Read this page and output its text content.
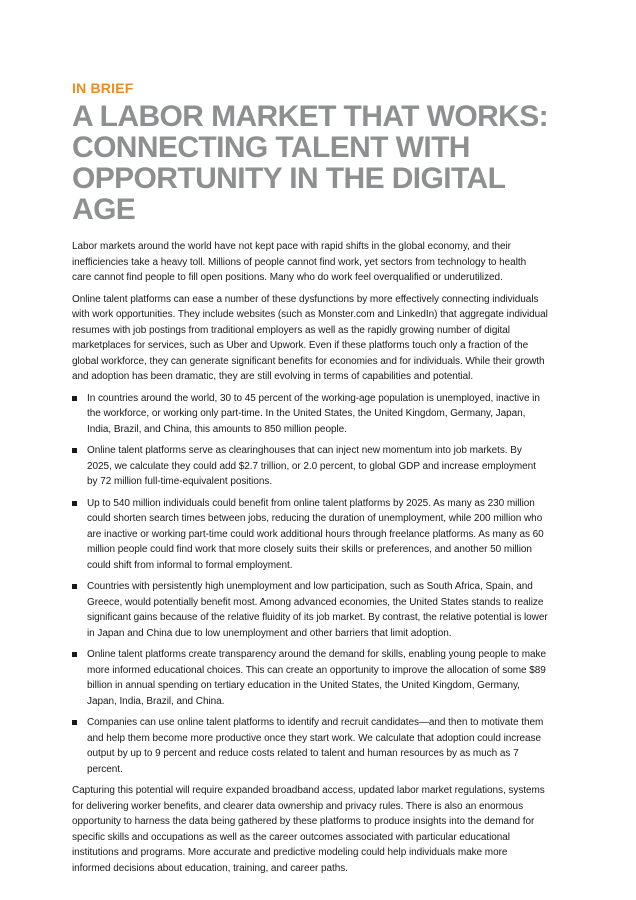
IN BRIEF
A LABOR MARKET THAT WORKS: CONNECTING TALENT WITH OPPORTUNITY IN THE DIGITAL AGE

Labor markets around the world have not kept pace with rapid shifts in the global economy, and their inefficiencies take a heavy toll. Millions of people cannot find work, yet sectors from technology to health care cannot find people to fill open positions. Many who do work feel overqualified or underutilized.

Online talent platforms can ease a number of these dysfunctions by more effectively connecting individuals with work opportunities. They include websites (such as Monster.com and LinkedIn) that aggregate individual resumes with job postings from traditional employers as well as the rapidly growing number of digital marketplaces for services, such as Uber and Upwork. Even if these platforms touch only a fraction of the global workforce, they can generate significant benefits for economies and for individuals. While their growth and adoption has been dramatic, they are still evolving in terms of capabilities and potential.

In countries around the world, 30 to 45 percent of the working-age population is unemployed, inactive in the workforce, or working only part-time. In the United States, the United Kingdom, Germany, Japan, India, Brazil, and China, this amounts to 850 million people.
Online talent platforms serve as clearinghouses that can inject new momentum into job markets. By 2025, we calculate they could add $2.7 trillion, or 2.0 percent, to global GDP and increase employment by 72 million full-time-equivalent positions.
Up to 540 million individuals could benefit from online talent platforms by 2025. As many as 230 million could shorten search times between jobs, reducing the duration of unemployment, while 200 million who are inactive or working part-time could work additional hours through freelance platforms. As many as 60 million people could find work that more closely suits their skills or preferences, and another 50 million could shift from informal to formal employment.
Countries with persistently high unemployment and low participation, such as South Africa, Spain, and Greece, would potentially benefit most. Among advanced economies, the United States stands to realize significant gains because of the relative fluidity of its job market. By contrast, the relative potential is lower in Japan and China due to low unemployment and other barriers that limit adoption.
Online talent platforms create transparency around the demand for skills, enabling young people to make more informed educational choices. This can create an opportunity to improve the allocation of some $89 billion in annual spending on tertiary education in the United States, the United Kingdom, Germany, Japan, India, Brazil, and China.
Companies can use online talent platforms to identify and recruit candidates—and then to motivate them and help them become more productive once they start work. We calculate that adoption could increase output by up to 9 percent and reduce costs related to talent and human resources by as much as 7 percent.

Capturing this potential will require expanded broadband access, updated labor market regulations, systems for delivering worker benefits, and clearer data ownership and privacy rules. There is also an enormous opportunity to harness the data being gathered by these platforms to produce insights into the demand for specific skills and occupations as well as the career outcomes associated with particular educational institutions and programs. More accurate and predictive modeling could help individuals make more informed decisions about education, training, and career paths.
